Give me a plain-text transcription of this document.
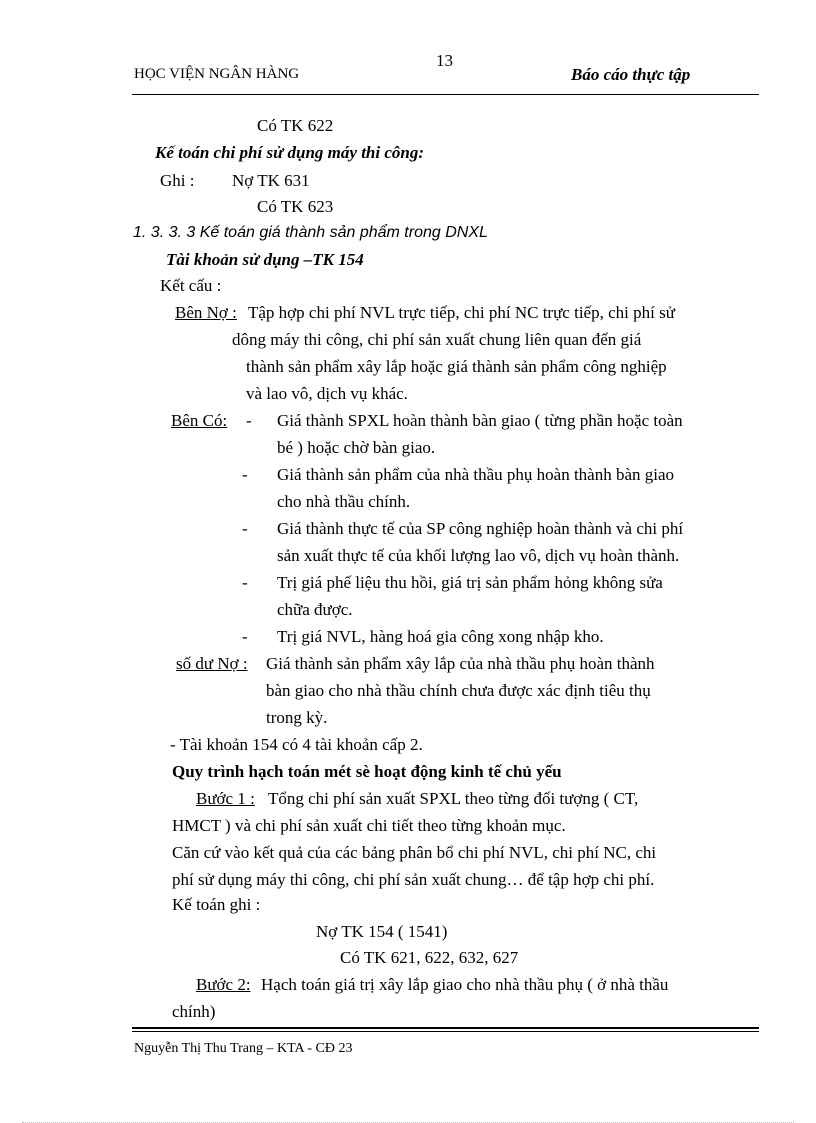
13
HỌC VIỆN NGÂN HÀNG	Báo cáo thực tập
Có TK 622
Kế toán chi phí sử dụng máy thi công:
Ghi : Nợ TK 631
Có TK 623
1. 3. 3. 3 Kế toán giá thành sản phẩm trong DNXL
Tài khoản sử dụng –TK 154
Kết cấu :
Bên Nợ : Tập hợp chi phí NVL trực tiếp, chi phí NC trực tiếp, chi phí sử
dông máy thi công, chi phí sản xuất chung liên quan đến giá
thành sản phẩm xây lắp hoặc giá thành sản phẩm công nghiệp
và lao vô, dịch vụ khác.
Bên Có: - Giá thành SPXL hoàn thành bàn giao ( từng phần hoặc toàn
bé ) hoặc chờ bàn giao.
- Giá thành sản phẩm của nhà thầu phụ hoàn thành bàn giao
cho nhà thầu chính.
- Giá thành thực tế của SP công nghiệp hoàn thành và chi phí
sản xuất thực tế của khối lượng lao vô, dịch vụ hoàn thành.
- Trị giá phế liệu thu hồi, giá trị sản phẩm hỏng không sửa
chữa được.
- Trị giá NVL, hàng hoá gia công xong nhập kho.
số dư Nợ : Giá thành sản phẩm xây lắp của nhà thầu phụ hoàn thành
bàn giao cho nhà thầu chính chưa được xác định tiêu thụ
trong kỳ.
- Tài khoản 154 có 4 tài khoản cấp 2.
Quy trình hạch toán mét sè hoạt động kinh tế chủ yếu
Bước 1 : Tổng chi phí sản xuất SPXL theo từng đối tượng ( CT,
HMCT ) và chi phí sản xuất chi tiết theo từng khoản mục.
Căn cứ vào kết quả của các bảng phân bổ chi phí NVL, chi phí NC, chi
phí sử dụng máy thi công, chi phí sản xuất chung… để tập hợp chi phí.
Kế toán ghi :
Nợ TK 154 ( 1541)
Có TK 621, 622, 632, 627
Bước 2: Hạch toán giá trị xây lắp giao cho nhà thầu phụ ( ở nhà thầu
chính)
Nguyễn Thị Thu Trang – KTA - CĐ 23
